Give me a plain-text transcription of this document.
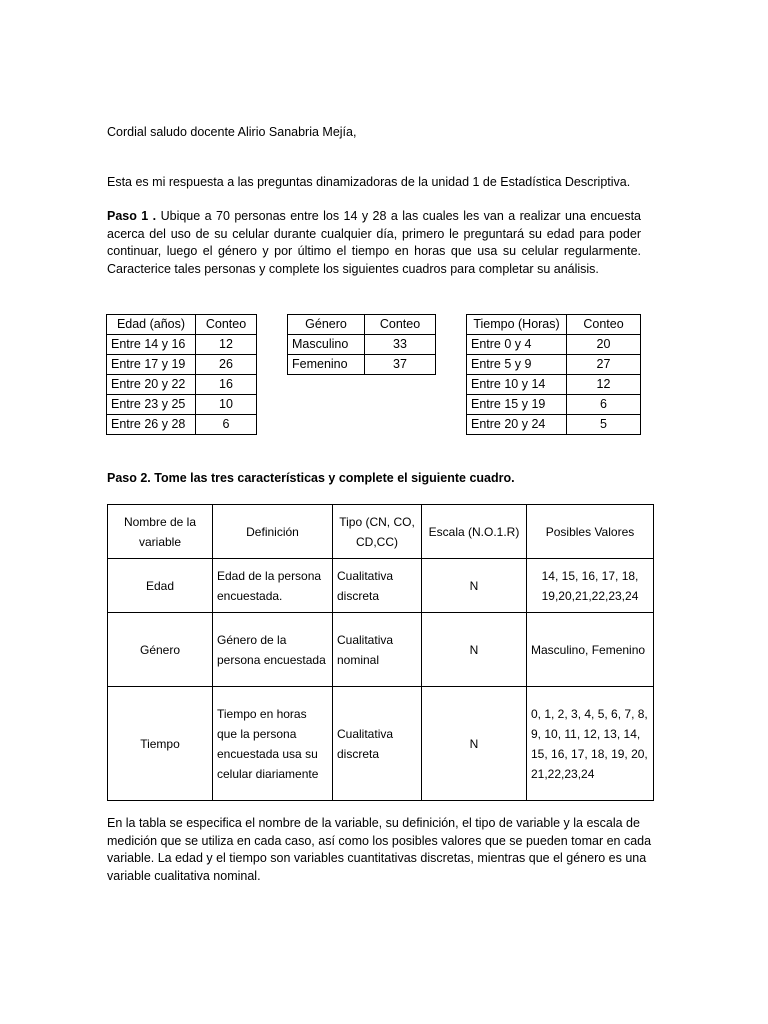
Cordial saludo docente Alirio Sanabria Mejía,

Esta es mi respuesta a las preguntas dinamizadoras de la unidad 1 de Estadística Descriptiva.

Paso 1 . Ubique a 70 personas entre los 14 y 28 a las cuales les van a realizar una encuesta acerca del uso de su celular durante cualquier día, primero le preguntará su edad para poder continuar, luego el género y por último el tiempo en horas que usa su celular regularmente. Caracterice tales personas y complete los siguientes cuadros para completar su análisis.

Edad (años)	Conteo
Entre 14 y 16	12
Entre 17 y 19	26
Entre 20 y 22	16
Entre 23 y 25	10
Entre 26 y 28	6
Género	Conteo
Masculino	33
Femenino	37
Tiempo (Horas)	Conteo
Entre 0 y 4	20
Entre 5 y 9	27
Entre 10 y 14	12
Entre 15 y 19	6
Entre 20 y 24	5

Paso 2. Tome las tres características y complete el siguiente cuadro.

Nombre de la variable	Definición	Tipo (CN, CO, CD,CC)	Escala (N.O.1.R)	Posibles Valores
Edad	Edad de la persona encuestada.	Cualitativa discreta	N	14, 15, 16, 17, 18, 19,20,21,22,23,24
Género	Género de la persona encuestada	Cualitativa nominal	N	Masculino, Femenino
Tiempo	Tiempo en horas que la persona encuestada usa su celular diariamente	Cualitativa discreta	N	0, 1, 2, 3, 4, 5, 6, 7, 8, 9, 10, 11, 12, 13, 14, 15, 16, 17, 18, 19, 20, 21,22,23,24

En la tabla se especifica el nombre de la variable, su definición, el tipo de variable y la escala de medición que se utiliza en cada caso, así como los posibles valores que se pueden tomar en cada variable. La edad y el tiempo son variables cuantitativas discretas, mientras que el género es una variable cualitativa nominal.
